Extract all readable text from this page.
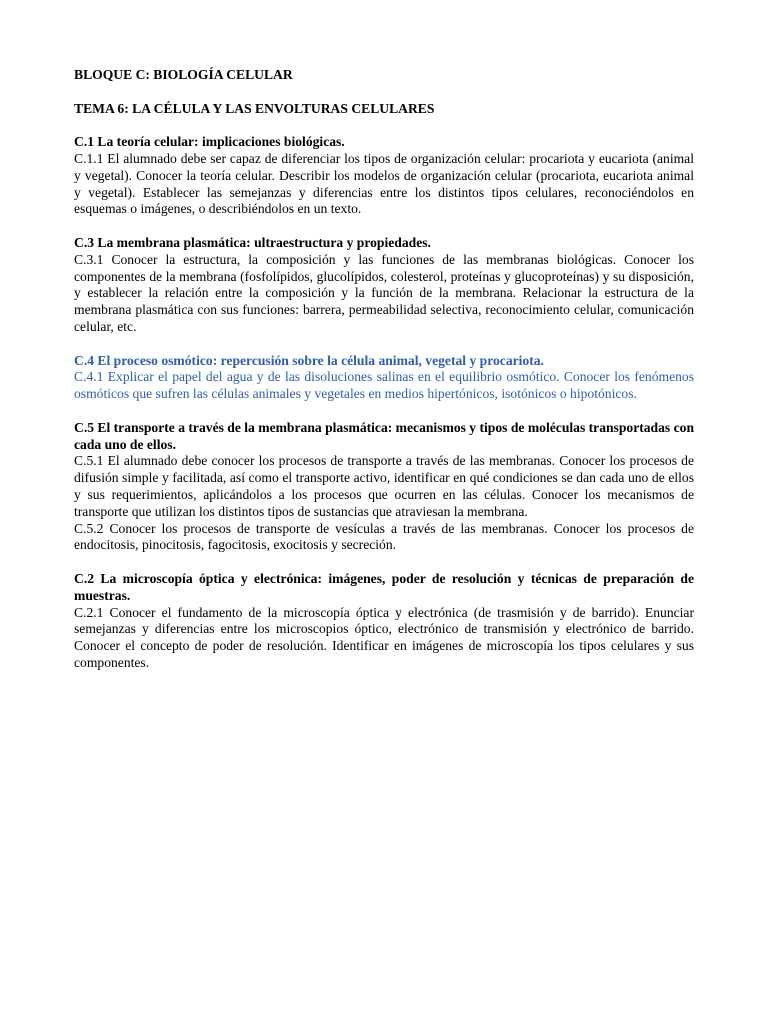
BLOQUE C: BIOLOGÍA CELULAR
TEMA 6: LA CÉLULA Y LAS ENVOLTURAS CELULARES
C.1 La teoría celular: implicaciones biológicas.
C.1.1 El alumnado debe ser capaz de diferenciar los tipos de organización celular: procariota y eucariota (animal y vegetal). Conocer la teoría celular. Describir los modelos de organización celular (procariota, eucariota animal y vegetal). Establecer las semejanzas y diferencias entre los distintos tipos celulares, reconociéndolos en esquemas o imágenes, o describiéndolos en un texto.
C.3 La membrana plasmática: ultraestructura y propiedades.
C.3.1 Conocer la estructura, la composición y las funciones de las membranas biológicas. Conocer los componentes de la membrana (fosfolípidos, glucolípidos, colesterol, proteínas y glucoproteínas) y su disposición, y establecer la relación entre la composición y la función de la membrana. Relacionar la estructura de la membrana plasmática con sus funciones: barrera, permeabilidad selectiva, reconocimiento celular, comunicación celular, etc.
C.4 El proceso osmótico: repercusión sobre la célula animal, vegetal y procariota.
C.4.1 Explicar el papel del agua y de las disoluciones salinas en el equilibrio osmótico. Conocer los fenómenos osmóticos que sufren las células animales y vegetales en medios hipertónicos, isotónicos o hipotónicos.
C.5 El transporte a través de la membrana plasmática: mecanismos y tipos de moléculas transportadas con cada uno de ellos.
C.5.1 El alumnado debe conocer los procesos de transporte a través de las membranas. Conocer los procesos de difusión simple y facilitada, así como el transporte activo, identificar en qué condiciones se dan cada uno de ellos y sus requerimientos, aplicándolos a los procesos que ocurren en las células. Conocer los mecanismos de transporte que utilizan los distintos tipos de sustancias que atraviesan la membrana.
C.5.2 Conocer los procesos de transporte de vesículas a través de las membranas. Conocer los procesos de endocitosis, pinocitosis, fagocitosis, exocitosis y secreción.
C.2 La microscopía óptica y electrónica: imágenes, poder de resolución y técnicas de preparación de muestras.
C.2.1 Conocer el fundamento de la microscopía óptica y electrónica (de trasmisión y de barrido). Enunciar semejanzas y diferencias entre los microscopios óptico, electrónico de transmisión y electrónico de barrido. Conocer el concepto de poder de resolución. Identificar en imágenes de microscopía los tipos celulares y sus componentes.
